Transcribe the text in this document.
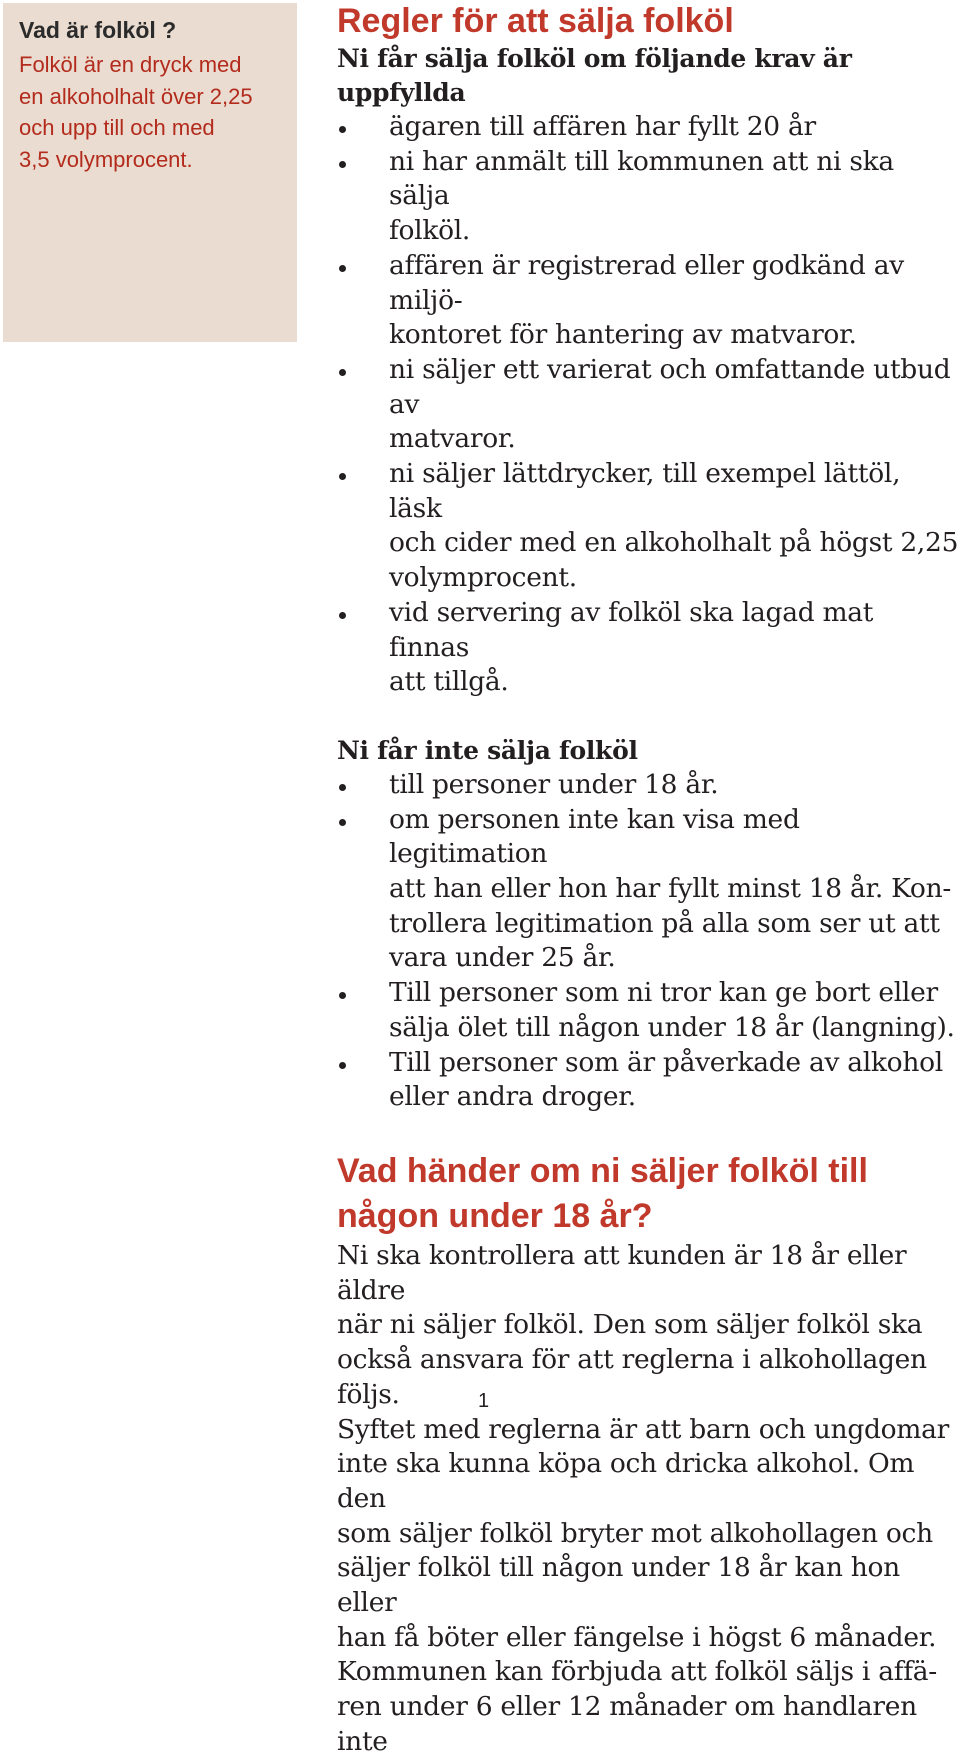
Vad är folköl ?

Folköl är en dryck med
en alkoholhalt över 2,25
och upp till och med
3,5 volymprocent.

Regler för att sälja folköl

Ni får sälja folköl om följande krav är uppfyllda

ägaren till affären har fyllt 20 år
ni har anmält till kommunen att ni ska sälja
folköl.
affären är registrerad eller godkänd av miljö-
kontoret för hantering av matvaror.
ni säljer ett varierat och omfattande utbud av
matvaror.
ni säljer lättdrycker, till exempel lättöl, läsk
och cider med en alkoholhalt på högst 2,25
volymprocent.
vid servering av folköl ska lagad mat finnas
att tillgå.

Ni får inte sälja folköl

till personer under 18 år.
om personen inte kan visa med legitimation
att han eller hon har fyllt minst 18 år. Kon-
trollera legitimation på alla som ser ut att
vara under 25 år.
Till personer som ni tror kan ge bort eller
sälja ölet till någon under 18 år (langning).
Till personer som är påverkade av alkohol
eller andra droger.
Vad händer om ni säljer folköl till
någon under 18 år?

Ni ska kontrollera att kunden är 18 år eller äldre
när ni säljer folköl. Den som säljer folköl ska
också ansvara för att reglerna i alkohollagen följs.
Syftet med reglerna är att barn och ungdomar
inte ska kunna köpa och dricka alkohol. Om den
som säljer folköl bryter mot alkohollagen och
säljer folköl till någon under 18 år kan hon eller
han få böter eller fängelse i högst 6 månader.
Kommunen kan förbjuda att folköl säljs i affä-
ren under 6 eller 12 månader om handlaren inte

1
